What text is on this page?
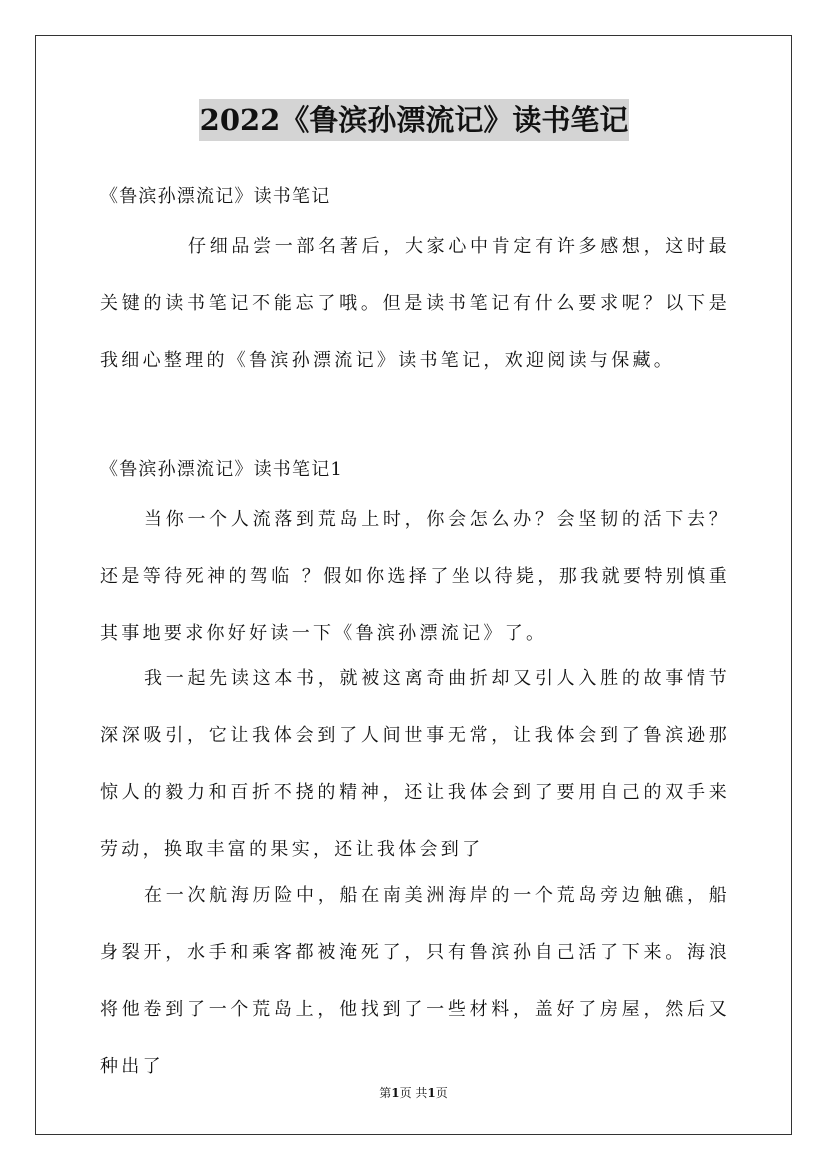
2022《鲁滨孙漂流记》读书笔记
《鲁滨孙漂流记》读书笔记

仔细品尝一部名著后，大家心中肯定有许多感想，这时最关键的读书笔记不能忘了哦。但是读书笔记有什么要求呢？以下是我细心整理的《鲁滨孙漂流记》读书笔记，欢迎阅读与保藏。

《鲁滨孙漂流记》读书笔记1

当你一个人流落到荒岛上时，你会怎么办？会坚韧的活下去？还是等待死神的驾临 ？假如你选择了坐以待毙，那我就要特别慎重其事地要求你好好读一下《鲁滨孙漂流记》了。

我一起先读这本书，就被这离奇曲折却又引人入胜的故事情节深深吸引，它让我体会到了人间世事无常，让我体会到了鲁滨逊那惊人的毅力和百折不挠的精神，还让我体会到了要用自己的双手来劳动，换取丰富的果实，还让我体会到了

在一次航海历险中，船在南美洲海岸的一个荒岛旁边触礁，船身裂开，水手和乘客都被淹死了，只有鲁滨孙自己活了下来。海浪将他卷到了一个荒岛上，他找到了一些材料，盖好了房屋，然后又种出了

第1页 共1页
